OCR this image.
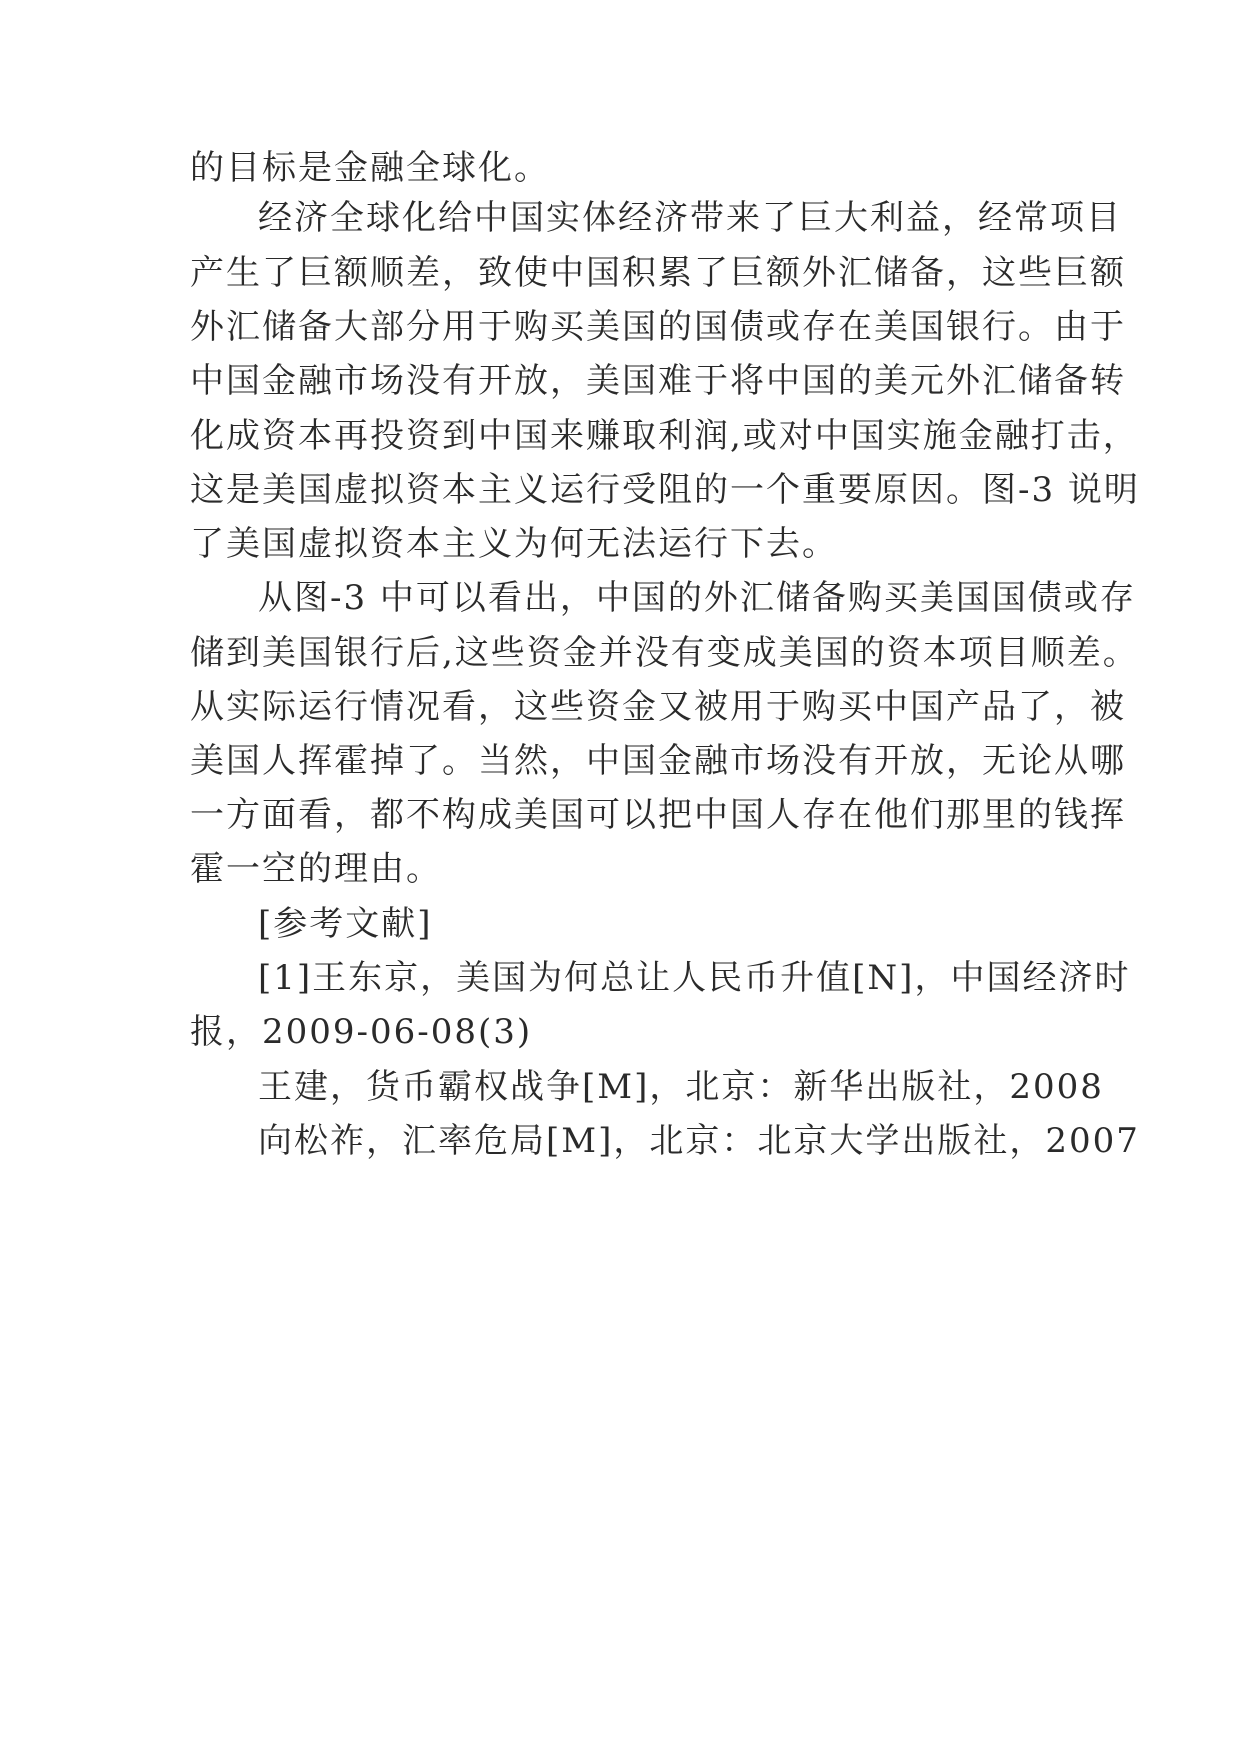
的目标是金融全球化。
经济全球化给中国实体经济带来了巨大利益，经常项目
产生了巨额顺差，致使中国积累了巨额外汇储备，这些巨额
外汇储备大部分用于购买美国的国债或存在美国银行。由于
中国金融市场没有开放，美国难于将中国的美元外汇储备转
化成资本再投资到中国来赚取利润,或对中国实施金融打击，
这是美国虚拟资本主义运行受阻的一个重要原因。图-3 说明
了美国虚拟资本主义为何无法运行下去。
从图-3 中可以看出，中国的外汇储备购买美国国债或存
储到美国银行后,这些资金并没有变成美国的资本项目顺差。
从实际运行情况看，这些资金又被用于购买中国产品了，被
美国人挥霍掉了。当然，中国金融市场没有开放，无论从哪
一方面看，都不构成美国可以把中国人存在他们那里的钱挥
霍一空的理由。
[参考文献]
[1]王东京，美国为何总让人民币升值[N]，中国经济时
报，2009-06-08(3)
王建，货币霸权战争[M]，北京：新华出版社，2008
向松祚，汇率危局[M]，北京：北京大学出版社，2007
